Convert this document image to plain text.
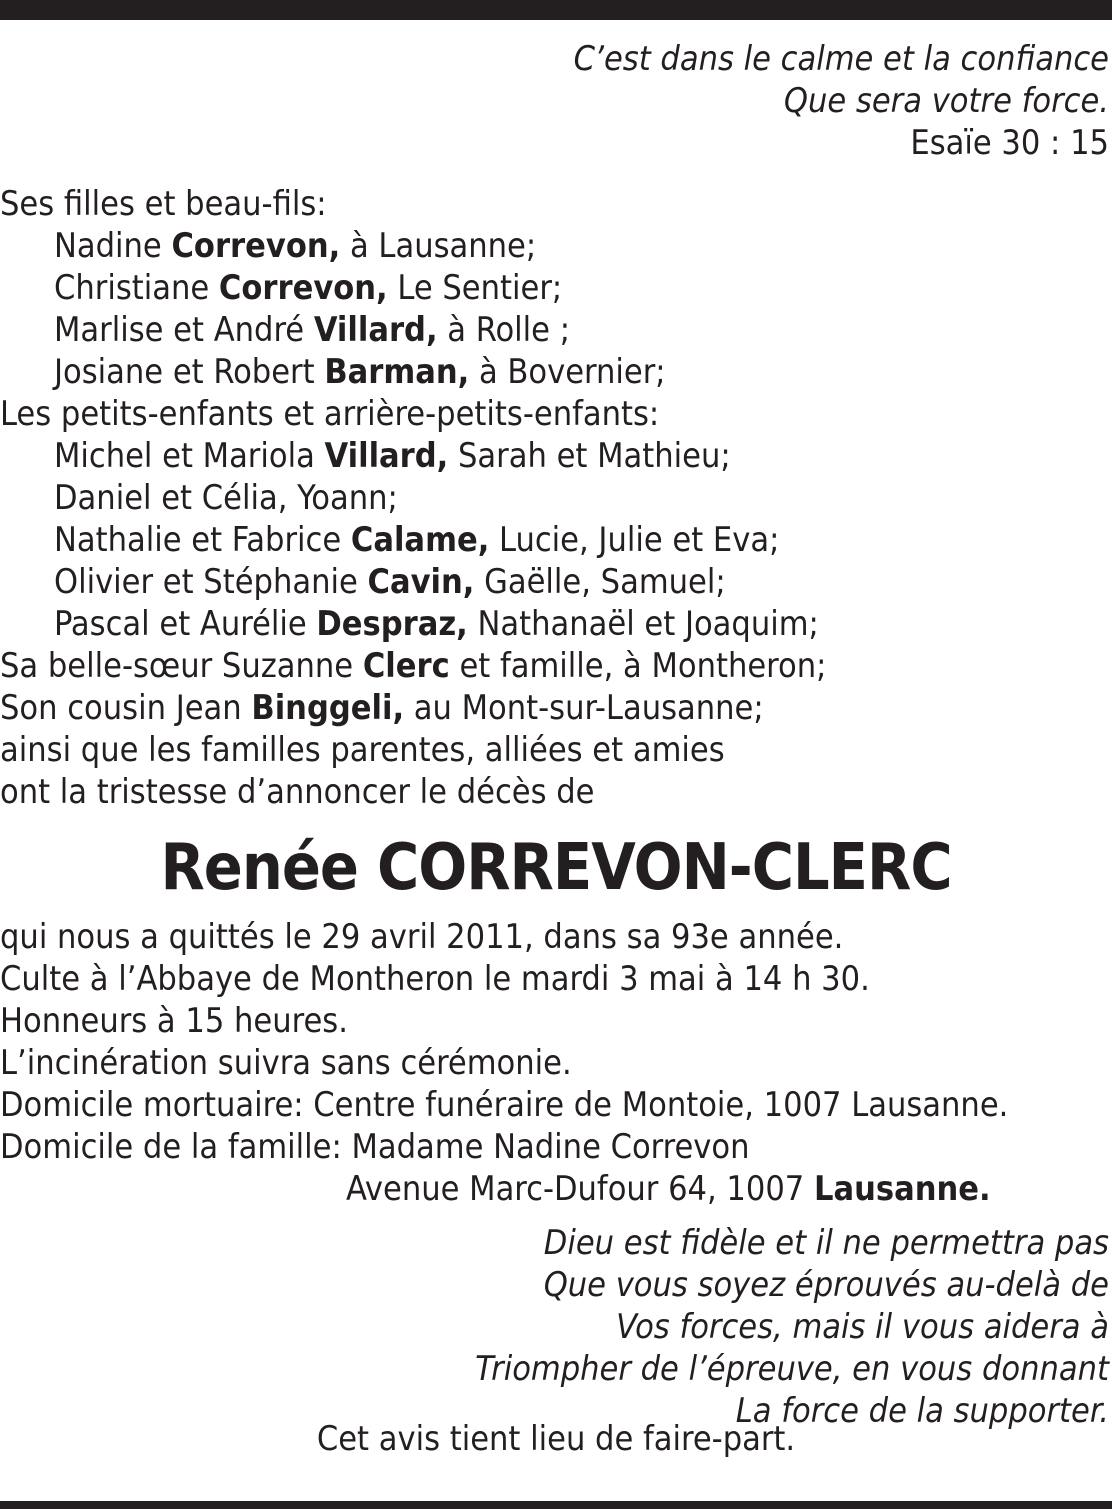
C’est dans le calme et la confiance
Que sera votre force.
Esaïe 30 : 15
Ses filles et beau-fils:
Nadine Correvon, à Lausanne;
Christiane Correvon, Le Sentier;
Marlise et André Villard, à Rolle ;
Josiane et Robert Barman, à Bovernier;
Les petits-enfants et arrière-petits-enfants:
Michel et Mariola Villard, Sarah et Mathieu;
Daniel et Célia, Yoann;
Nathalie et Fabrice Calame, Lucie, Julie et Eva;
Olivier et Stéphanie Cavin, Gaëlle, Samuel;
Pascal et Aurélie Despraz, Nathanaël et Joaquim;
Sa belle-sœur Suzanne Clerc et famille, à Montheron;
Son cousin Jean Binggeli, au Mont-sur-Lausanne;
ainsi que les familles parentes, alliées et amies
ont la tristesse d’annoncer le décès de
Renée CORREVON-CLERC
qui nous a quittés le 29 avril 2011, dans sa 93e année.
Culte à l’Abbaye de Montheron le mardi 3 mai à 14 h 30.
Honneurs à 15 heures.
L’incinération suivra sans cérémonie.
Domicile mortuaire: Centre funéraire de Montoie, 1007 Lausanne.
Domicile de la famille: Madame Nadine Correvon
Avenue Marc-Dufour 64, 1007 Lausanne.
Dieu est fidèle et il ne permettra pas
Que vous soyez éprouvés au-delà de
Vos forces, mais il vous aidera à
Triompher de l’épreuve, en vous donnant
La force de la supporter.
Cet avis tient lieu de faire-part.
